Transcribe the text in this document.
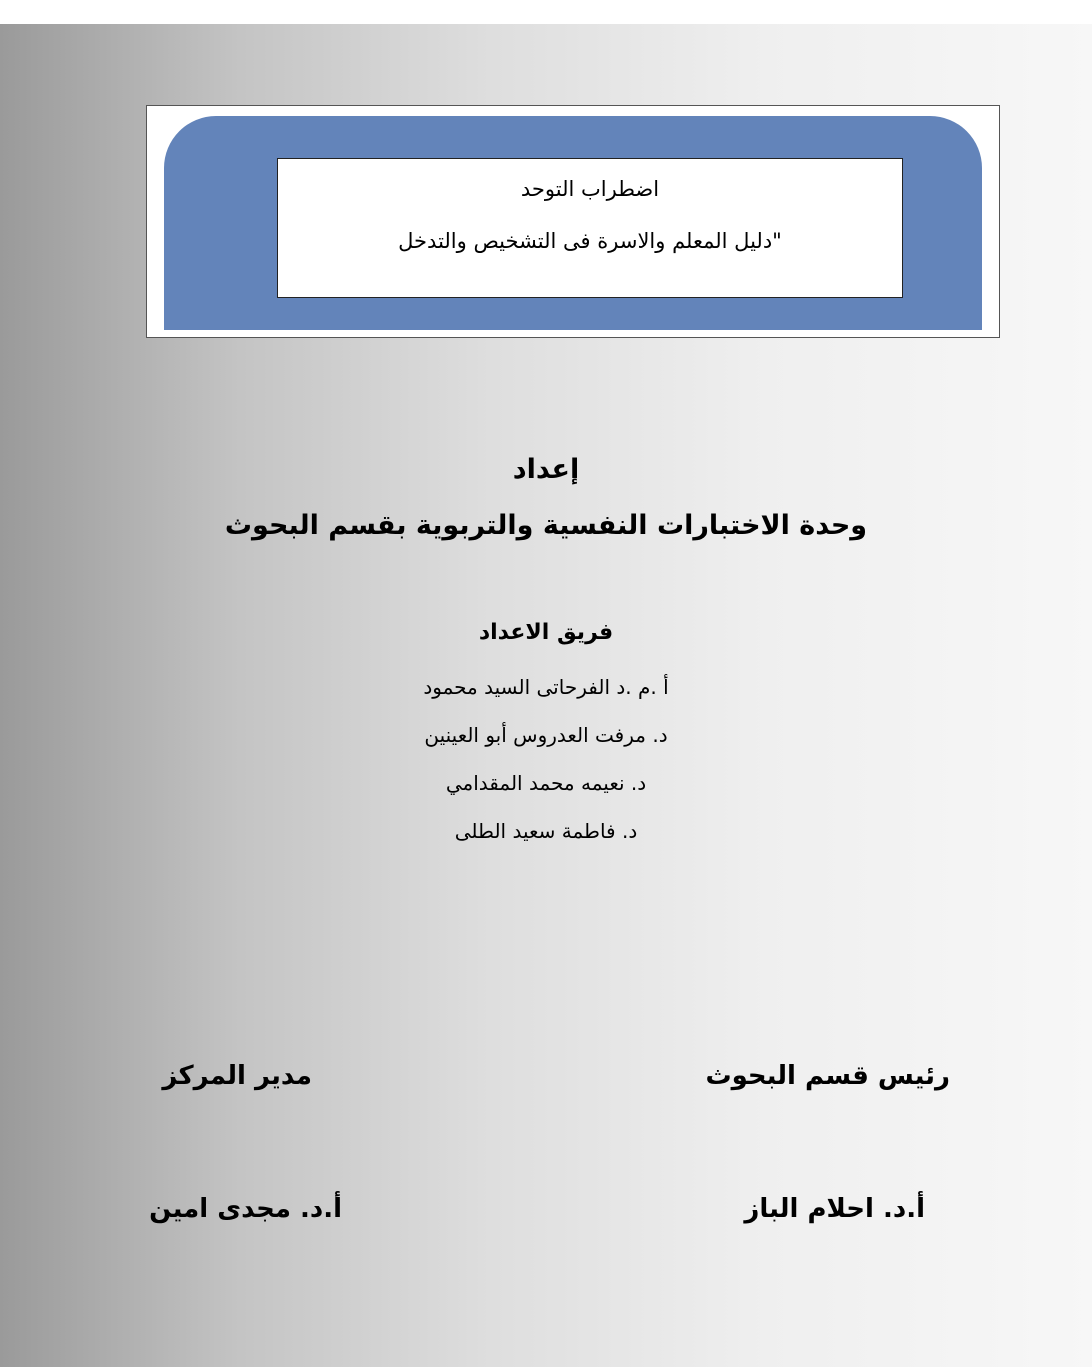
اضطراب التوحد
"دليل المعلم والاسرة فى التشخيص والتدخل
إعداد
وحدة الاختبارات النفسية والتربوية بقسم البحوث
فريق الاعداد
أ .م .د الفرحاتى السيد محمود
د. مرفت العدروس أبو العينين
د. نعيمه محمد المقدامي
د. فاطمة سعيد الطلى
رئيس قسم البحوث
مدير المركز
أ.د. احلام الباز
أ.د. مجدى امين
